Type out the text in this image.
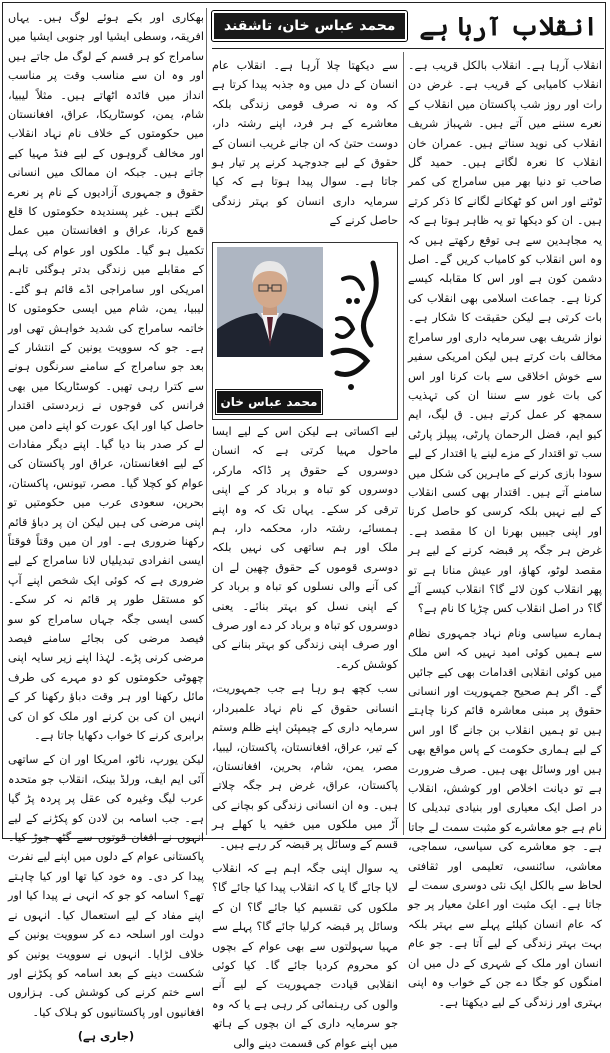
انقلاب آرہا ہے
محمد عباس خان، تاشقند

انقلاب آرہا ہے۔ انقلاب بالکل قریب ہے۔ انقلاب کامیابی کے قریب ہے۔ غرض دن رات اور روز شب پاکستان میں انقلاب کے نعرے سننے میں آتے ہیں۔ شہباز شریف انقلاب کی نوید سناتے ہیں۔ عمران خان انقلاب کا نعرہ لگاتے ہیں۔ حمید گل صاحب تو دنیا بھر میں سامراج کی کمر ٹوٹنے اور اس کو ٹھکانے لگانے کا ذکر کرتے ہیں۔ ان کو دیکھا تو یہ ظاہر ہوتا ہے کہ یہ مجاہدین سے ہی توقع رکھتے ہیں کہ وہ اس انقلاب کو کامیاب کریں گے۔ اصل دشمن کون ہے اور اس کا مقابلہ کیسے کرنا ہے۔ جماعت اسلامی بھی انقلاب کی بات کرتی ہے لیکن حقیقت کا شکار ہے۔ نواز شریف بھی سرمایہ داری اور سامراج مخالف بات کرتے ہیں لیکن امریکی سفیر سے خوش اخلاقی سے بات کرنا اور اس کی بات غور سے سننا ان کی تہذیب سمجھ کر عمل کرتے ہیں۔ ق لیگ، ایم کیو ایم، فضل الرحمان پارٹی، پیپلز پارٹی سب تو اقتدار کے مزے لینے یا اقتدار کے لیے سودا بازی کرنے کے ماہرین کی شکل میں سامنے آتے ہیں۔ اقتدار بھی کسی انقلاب کے لیے نہیں بلکہ کرسی کو حاصل کرنا اور اپنی جیبیں بھرنا ان کا مقصد ہے۔ غرض ہر جگہ پر قبضہ کرنے کے لیے ہر مقصد لوٹو، کھاؤ، اور عیش منانا ہے تو پھر انقلاب کون لائے گا؟ انقلاب کیسے آئے گا؟ در اصل انقلاب کس چڑیا کا نام ہے؟

ہمارے سیاسی ونام نہاد جمہوری نظام سے ہمیں کوئی امید نہیں کہ اس ملک میں کوئی انقلابی اقدامات بھی کیے جائیں گے۔ اگر ہم صحیح جمہوریت اور انسانی حقوق پر مبنی معاشرہ قائم کرنا چاہتے ہیں تو ہمیں انقلاب بن جانے گا اور اس کے لیے ہماری حکومت کے پاس مواقع بھی ہیں اور وسائل بھی ہیں۔ صرف ضرورت ہے تو دیانت اخلاص اور کوشش، انقلاب در اصل ایک معیاری اور بنیادی تبدیلی کا نام ہے جو معاشرے کو مثبت سمت لے جاتا ہے۔ جو معاشرے کی سیاسی، سماجی، معاشی، سائنسی، تعلیمی اور ثقافتی لحاظ سے بالکل ایک نئی دوسری سمت لے جاتا ہے۔ ایک مثبت اور اعلیٰ معیار پر جو کہ عام انسان کیلئے پہلے سے بہتر بلکہ بہت بہتر زندگی کے لیے آتا ہے۔ جو عام انسان اور ملک کے شہری کے دل میں ان امنگوں کو جگا دے جن کے خواب وہ اپنی بہتری اور زندگی کے لیے دیکھتا ہے۔

سے دیکھتا چلا آرہا ہے۔ انقلاب عام انسان کے دل میں وہ جذبہ پیدا کرتا ہے کہ وہ نہ صرف قومی زندگی بلکہ معاشرے کے ہر فرد، اپنے رشتہ دار، دوست حتیٰ کہ ان جانے غریب انسان کے حقوق کے لیے جدوجہد کرنے پر تیار ہو جاتا ہے۔ سوال پیدا ہوتا ہے کہ کیا سرمایہ داری انسان کو بہتر زندگی حاصل کرنے کے

محمد عباس خان

لیے اکساتی ہے لیکن اس کے لیے ایسا ماحول مہیا کرتی ہے کہ انسان دوسروں کے حقوق پر ڈاکہ مارکر، دوسروں کو تباہ و برباد کر کے اپنی ترقی کر سکے۔ یہاں تک کہ وہ اپنے ہمسائے، رشتہ دار، محکمہ دار، ہم ملک اور ہم ساتھی کی نہیں بلکہ دوسری قوموں کے حقوق چھین لے ان کی آنے والی نسلوں کو تباہ و برباد کر کے اپنی نسل کو بہتر بنائے۔ یعنی دوسروں کو تباہ و برباد کر دے اور صرف اور صرف اپنی زندگی کو بہتر بنانے کی کوشش کرے۔

سب کچھ ہو رہا ہے جب جمہوریت، انسانی حقوق کے نام نہاد علمبردار، سرمایہ داری کے چیمپئن اپنے ظلم وستم کے تیر، عراق، افغانستان، پاکستان، لیبیا، مصر، یمن، شام، بحرین، افغانستان، پاکستان، عراق، غرض ہر جگہ چلاتے ہیں۔ وہ ان انسانی زندگی کو بچانے کی آڑ میں ملکوں میں خفیہ یا کھلے ہر قسم کے وسائل پر قبضہ کر رہے ہیں۔

یہ سوال اپنی جگہ اہم ہے کہ انقلاب لایا جائے گا یا کہ انقلاب پیدا کیا جائے گا؟ ملکوں کی تقسیم کیا جائے گا؟ ان کے وسائل پر قبضہ کرلیا جائے گا؟ پہلے سے مہیا سہولتوں سے بھی عوام کے بچوں کو محروم کردیا جائے گا۔ کیا کوئی انقلابی قیادت جمہوریت کے لیے آنے والوں کی رہنمائی کر رہی ہے یا کہ وہ جو سرمایہ داری کے ان بچوں کے ہاتھ میں اپنے عوام کی قسمت دینے والی

بھکاری اور بکے ہوئے لوگ ہیں۔ یہاں افریقہ، وسطی ایشیا اور جنوبی ایشیا میں سامراج کو ہر قسم کے لوگ مل جاتے ہیں اور وہ ان سے مناسب وقت پر مناسب انداز میں فائدہ اٹھاتے ہیں۔ مثلاً لیبیا، شام، یمن، کوسٹاریکا، عراق، افغانستان میں حکومتوں کے خلاف نام نہاد انقلاب اور مخالف گروہوں کے لیے فنڈ مہیا کیے جاتے ہیں۔ جبکہ ان ممالک میں انسانی حقوق و جمہوری آزادیوں کے نام پر نعرے لگتے ہیں۔ غیر پسندیدہ حکومتوں کا قلع قمع کرنا، عراق و افغانستان میں عمل تکمیل ہو گیا۔ ملکوں اور عوام کی پہلے کے مقابلے میں زندگی بدتر ہوگئی تاہم امریکی اور سامراجی اڈے قائم ہو گئے۔ لیبیا، یمن، شام میں ایسی حکومتوں کا خاتمہ سامراج کی شدید خواہش تھی اور ہے۔ جو کہ سوویت یونین کے انتشار کے بعد جو سامراج کے سامنے سرنگوں ہونے سے کترا رہی تھیں۔ کوسٹاریکا میں بھی فرانس کی فوجوں نے زبردستی اقتدار حاصل کیا اور ایک عورت کو اپنے دامن میں لے کر صدر بنا دیا گیا۔ اپنے دیگر مفادات کے لیے افغانستان، عراق اور پاکستان کی عوام کو کچلا گیا۔ مصر، تیونس، پاکستان، بحرین، سعودی عرب میں حکومتیں تو اپنی مرضی کی ہیں لیکن ان پر دباؤ قائم رکھنا ضروری ہے۔ اور ان میں وقتاً فوقتاً ایسی انفرادی تبدیلیاں لانا سامراج کے لیے ضروری ہے کہ کوئی ایک شخص اپنے آپ کو مستقل طور پر قائم نہ کر سکے۔ کسی ایسی جگہ جہاں سامراج کو سو فیصد مرضی کی بجائے سامنے فیصد مرضی کرنی پڑے۔ لہٰذا اپنے زیر سایہ اپنی چھوٹی حکومتوں کو دو مہرے کی طرف مائل رکھنا اور ہر وقت دباؤ رکھنا کر کے انہیں ان کی بن کرنے اور ملک کو ان کی برابری کرنے کا خواب دکھایا جاتا ہے۔

لیکن یورپ، ناٹو، امریکا اور ان کے ساتھی آئی ایم ایف، ورلڈ بینک، انقلاب جو متحدہ عرب لیگ وغیرہ کی عقل پر پردہ پڑ گیا ہے۔ جب اسامہ بن لادن کو پکڑنے کے لیے انہوں نے افغان قوتوں سے گٹھ جوڑ کیا۔ پاکستانی عوام کے دلوں میں اپنے لیے نفرت پیدا کر دی۔ وہ خود کیا تھا اور کیا چاہتے تھے؟ اسامہ کو جو کہ انہی نے پیدا کیا اور اپنے مفاد کے لیے استعمال کیا۔ انہوں نے دولت اور اسلحہ دے کر سوویت یونین کے خلاف لڑایا۔ انہوں نے سوویت یونین کو شکست دینے کے بعد اسامہ کو پکڑنے اور اسے ختم کرنے کی کوشش کی۔ ہزاروں افغانیوں اور پاکستانیوں کو ہلاک کیا۔

(جاری ہے)
